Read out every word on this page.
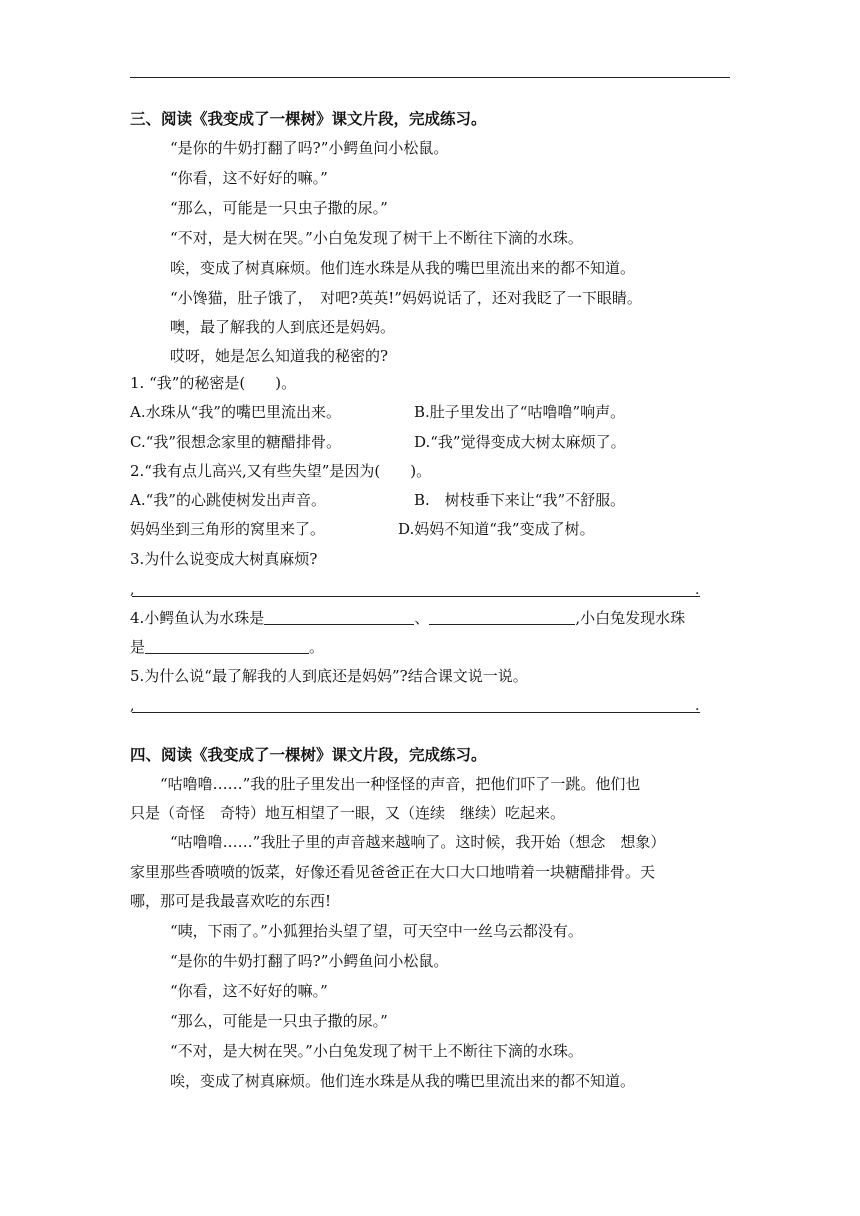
三、阅读《我变成了一棵树》课文片段，完成练习。
“是你的牛奶打翻了吗?”小鳄鱼问小松鼠。
“你看，这不好好的嘛。”
“那么，可能是一只虫子撒的尿。”
“不对，是大树在哭。”小白兔发现了树干上不断往下滴的水珠。
唉，变成了树真麻烦。他们连水珠是从我的嘴巴里流出来的都不知道。
“小馋猫，肚子饿了，　对吧?英英!”妈妈说话了，还对我眨了一下眼睛。
噢，最了解我的人到底还是妈妈。
哎呀，她是怎么知道我的秘密的?
1. “我”的秘密是( )。
A.水珠从“我”的嘴巴里流出来。	B.肚子里发出了“咕噜噜”响声。
C.“我”很想念家里的糖醋排骨。	D.“我”觉得变成大树太麻烦了。
2.“我有点儿高兴,又有些失望”是因为( )。
A.“我”的心跳使树发出声音。	B.　树枝垂下来让“我”不舒服。
妈妈坐到三角形的窝里来了。	D.妈妈不知道“我”变成了树。
3.为什么说变成大树真麻烦?
,	.
4.小鳄鱼认为水珠是	、	,小白兔发现水珠
是	。
5.为什么说“最了解我的人到底还是妈妈”?结合课文说一说。
,	.
四、阅读《我变成了一棵树》课文片段，完成练习。
“咕噜噜……”我的肚子里发出一种怪怪的声音，把他们吓了一跳。他们也
只是（奇怪　奇特）地互相望了一眼，又（连续　继续）吃起来。
“咕噜噜……”我肚子里的声音越来越响了。这时候，我开始（想念　想象）
家里那些香喷喷的饭菜，好像还看见爸爸正在大口大口地啃着一块糖醋排骨。天
哪，那可是我最喜欢吃的东西!
“咦，下雨了。”小狐狸抬头望了望，可天空中一丝乌云都没有。
“是你的牛奶打翻了吗?”小鳄鱼问小松鼠。
“你看，这不好好的嘛。”
“那么，可能是一只虫子撒的尿。”
“不对，是大树在哭。”小白兔发现了树干上不断往下滴的水珠。
唉，变成了树真麻烦。他们连水珠是从我的嘴巴里流出来的都不知道。
